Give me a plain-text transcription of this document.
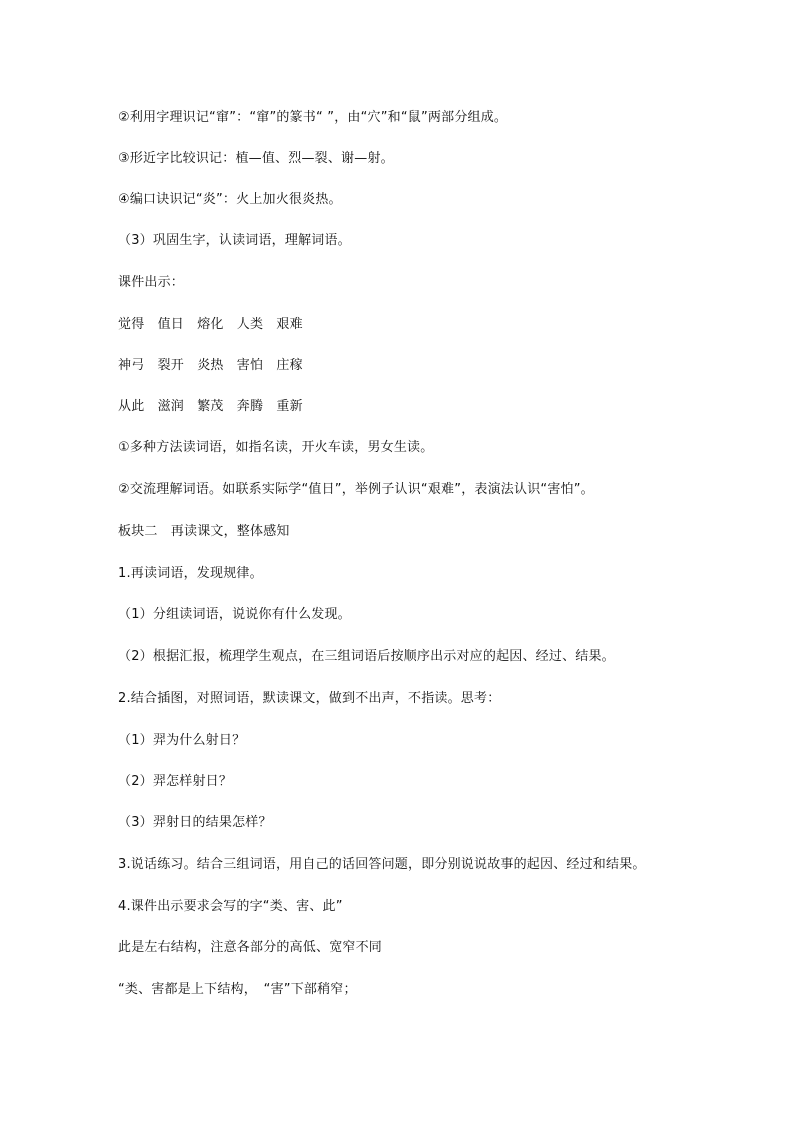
②利用字理识记“窜”：“窜”的篆书“ ”，由“穴”和“鼠”两部分组成。
③形近字比较识记：植—值、烈—裂、谢—射。
④编口诀识记“炎”：火上加火很炎热。
（3）巩固生字，认读词语，理解词语。
课件出示：
觉得　值日　熔化　人类　艰难
神弓　裂开　炎热　害怕　庄稼
从此　滋润　繁茂　奔腾　重新
①多种方法读词语，如指名读，开火车读，男女生读。
②交流理解词语。如联系实际学“值日”，举例子认识“艰难”，表演法认识“害怕”。
板块二　再读课文，整体感知
1.再读词语，发现规律。
（1）分组读词语，说说你有什么发现。
（2）根据汇报，梳理学生观点，在三组词语后按顺序出示对应的起因、经过、结果。
2.结合插图，对照词语，默读课文，做到不出声，不指读。思考：
（1）羿为什么射日？
（2）羿怎样射日？
（3）羿射日的结果怎样？
3.说话练习。结合三组词语，用自己的话回答问题，即分别说说故事的起因、经过和结果。
4.课件出示要求会写的字“类、害、此”
此是左右结构，注意各部分的高低、宽窄不同
“类、害都是上下结构，　“害”下部稍窄；
